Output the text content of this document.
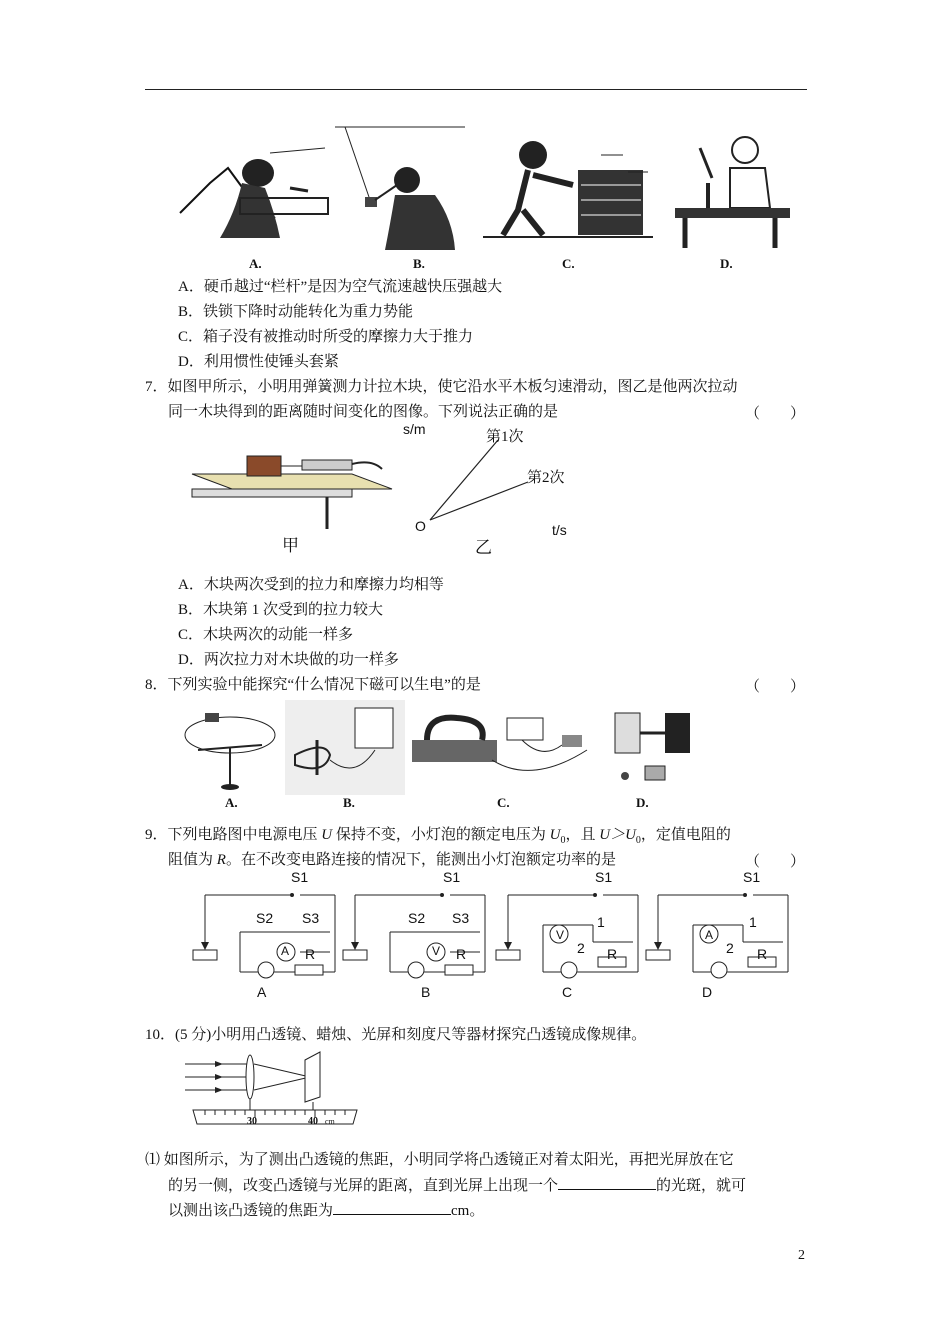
A.	B.	C.	D.
A．硬币越过“栏杆”是因为空气流速越快压强越大
B．铁锁下降时动能转化为重力势能
C．箱子没有被推动时所受的摩擦力大于推力
D．利用惯性使锤头套紧
7．如图甲所示，小明用弹簧测力计拉木块，使它沿水平木板匀速滑动，图乙是他两次拉动
同一木块得到的距离随时间变化的图像。下列说法正确的是	（　　）
甲
s/m	第1次
第2次
O	t/s
乙
A．木块两次受到的拉力和摩擦力均相等
B．木块第 1 次受到的拉力较大
C．木块两次的动能一样多
D．两次拉力对木块做的功一样多
8．下列实验中能探究“什么情况下磁可以生电”的是	（　　）
A.	B.	C.	D.
9．下列电路图中电源电压 U 保持不变，小灯泡的额定电压为 $U_0$，且 $U>U_0$，定值电阻的
阻值为 R。在不改变电路连接的情况下，能测出小灯泡额定功率的是	（　　）
S1
S2 S3
A R
A
S1
S2 S3
V R
B
S1
V
1
2 R
C
S1
A
1
2 R
D
10．(5 分)小明用凸透镜、蜡烛、光屏和刻度尺等器材探究凸透镜成像规律。
30	40 cm
⑴ 如图所示，为了测出凸透镜的焦距，小明同学将凸透镜正对着太阳光，再把光屏放在它
的另一侧，改变凸透镜与光屏的距离，直到光屏上出现一个	的光斑，就可
以测出该凸透镜的焦距为	cm。
2
